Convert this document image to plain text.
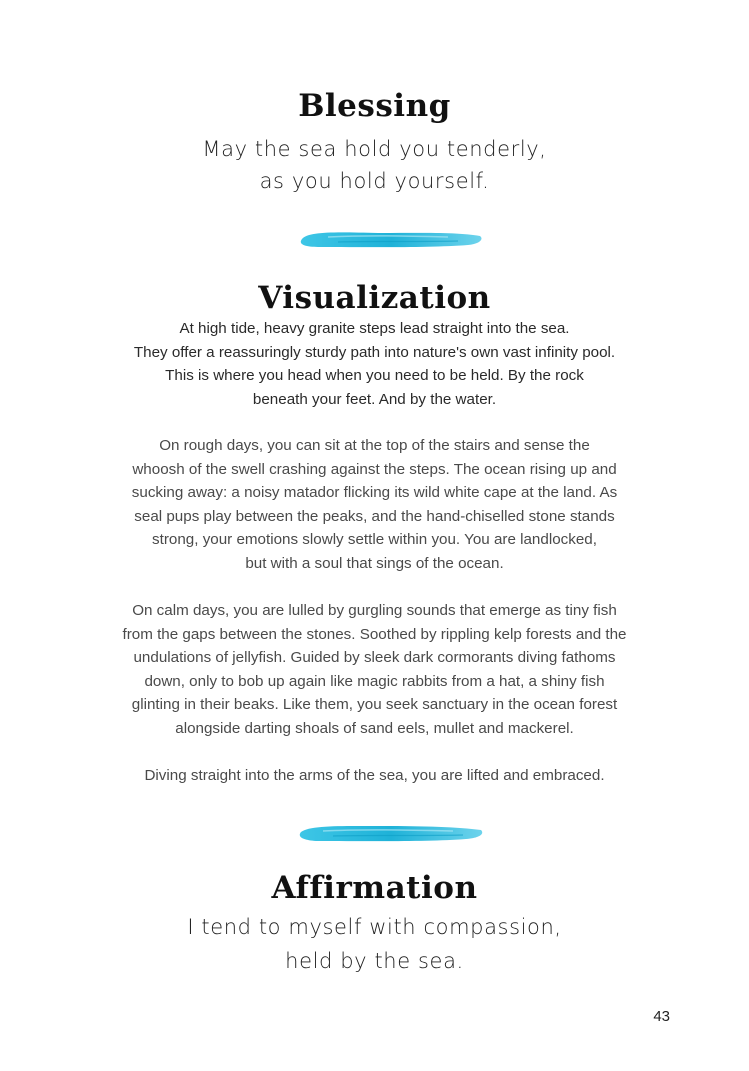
Blessing
May the sea hold you tenderly,
as you hold yourself.
Visualization
At high tide, heavy granite steps lead straight into the sea.
They offer a reassuringly sturdy path into nature's own vast infinity pool.
This is where you head when you need to be held. By the rock
beneath your feet. And by the water.
On rough days, you can sit at the top of the stairs and sense the
whoosh of the swell crashing against the steps. The ocean rising up and
sucking away: a noisy matador flicking its wild white cape at the land. As
seal pups play between the peaks, and the hand-chiselled stone stands
strong, your emotions slowly settle within you. You are landlocked,
but with a soul that sings of the ocean.
On calm days, you are lulled by gurgling sounds that emerge as tiny fish
from the gaps between the stones. Soothed by rippling kelp forests and the
undulations of jellyfish. Guided by sleek dark cormorants diving fathoms
down, only to bob up again like magic rabbits from a hat, a shiny fish
glinting in their beaks. Like them, you seek sanctuary in the ocean forest
alongside darting shoals of sand eels, mullet and mackerel.
Diving straight into the arms of the sea, you are lifted and embraced.
Affirmation
I tend to myself with compassion,
held by the sea.
43
